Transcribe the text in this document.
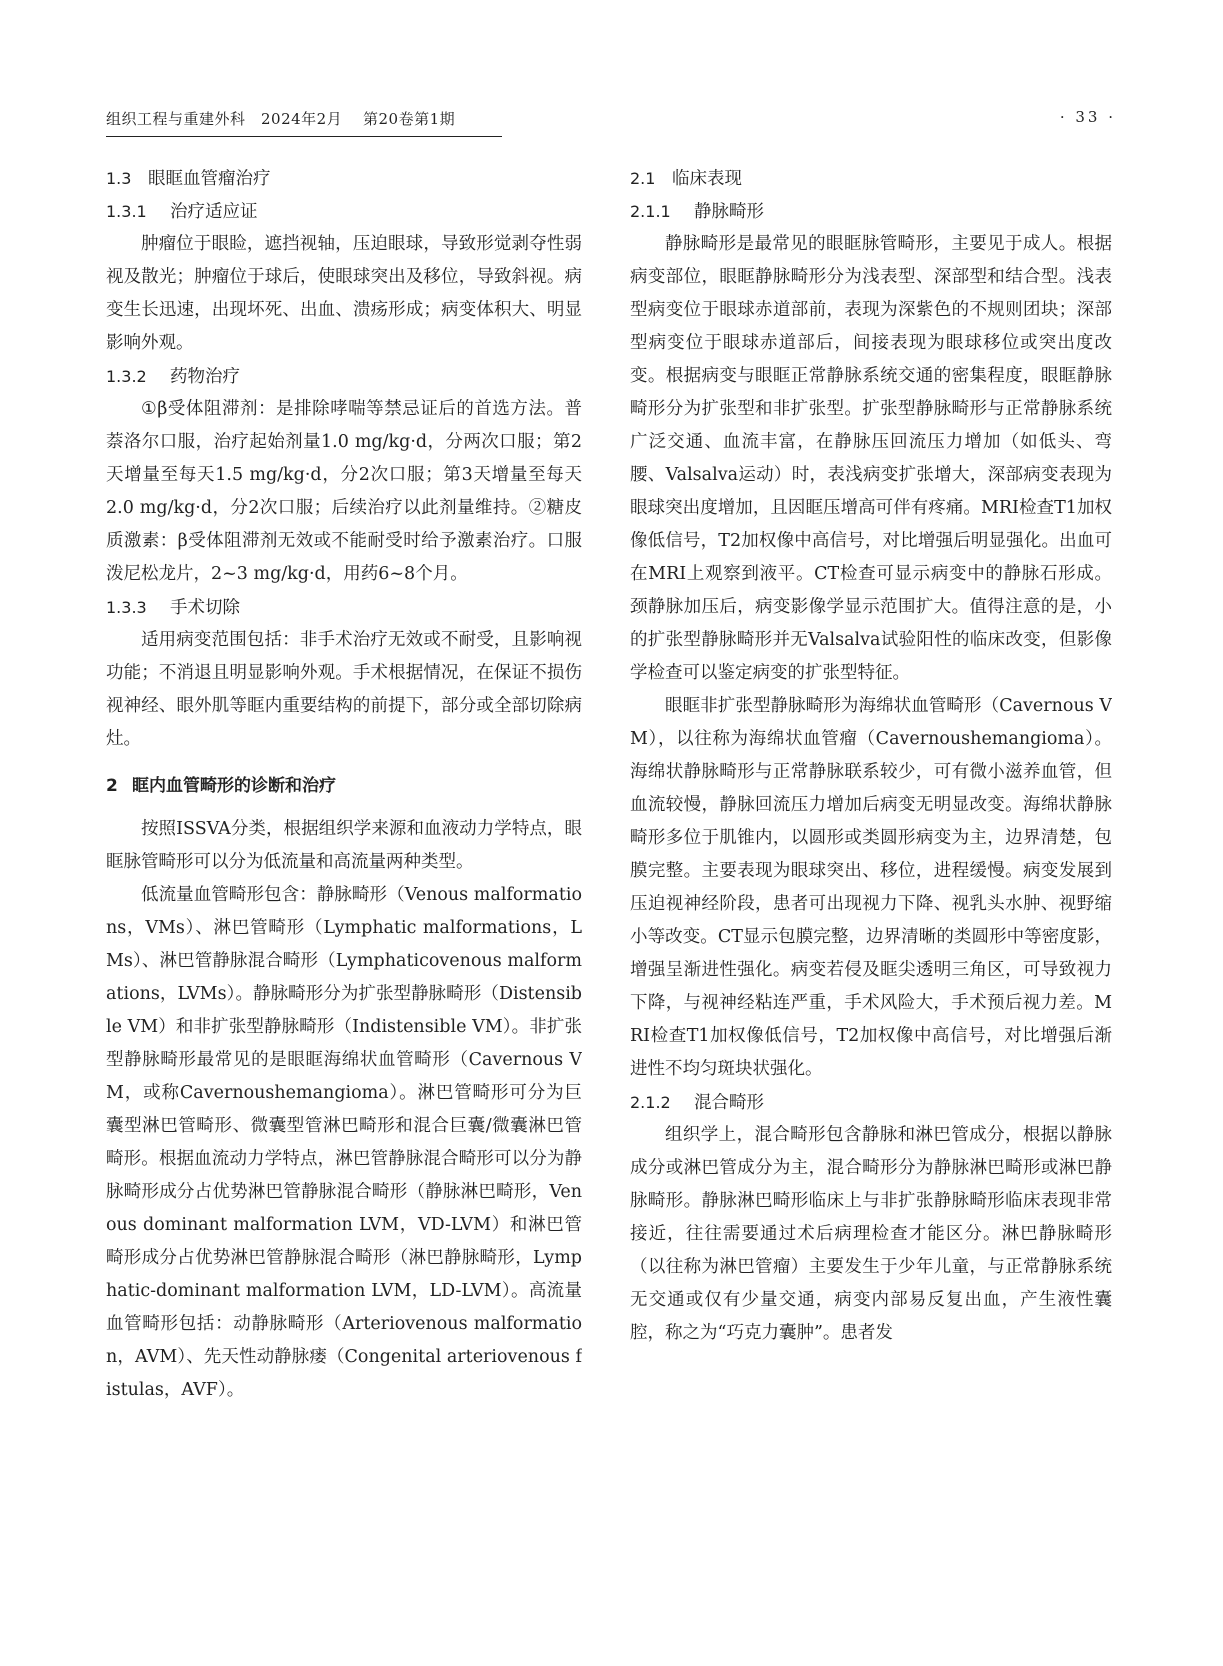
组织工程与重建外科　2024年2月　 第20卷第1期	· 33 ·
1.3 眼眶血管瘤治疗
1.3.1 治疗适应证

肿瘤位于眼睑，遮挡视轴，压迫眼球，导致形觉剥夺性弱视及散光；肿瘤位于球后，使眼球突出及移位，导致斜视。病变生长迅速，出现坏死、出血、溃疡形成；病变体积大、明显影响外观。

1.3.2 药物治疗

①β受体阻滞剂：是排除哮喘等禁忌证后的首选方法。普萘洛尔口服，治疗起始剂量1.0 mg/kg·d，分两次口服；第2天增量至每天1.5 mg/kg·d，分2次口服；第3天增量至每天2.0 mg/kg·d，分2次口服；后续治疗以此剂量维持。②糖皮质激素：β受体阻滞剂无效或不能耐受时给予激素治疗。口服泼尼松龙片，2~3 mg/kg·d，用药6~8个月。

1.3.3 手术切除

适用病变范围包括：非手术治疗无效或不耐受，且影响视功能；不消退且明显影响外观。手术根据情况，在保证不损伤视神经、眼外肌等眶内重要结构的前提下，部分或全部切除病灶。

2 眶内血管畸形的诊断和治疗

按照ISSVA分类，根据组织学来源和血液动力学特点，眼眶脉管畸形可以分为低流量和高流量两种类型。

低流量血管畸形包含：静脉畸形（Venous malformations，VMs）、淋巴管畸形（Lymphatic malformations，LMs）、淋巴管静脉混合畸形（Lymphaticovenous malformations，LVMs）。静脉畸形分为扩张型静脉畸形（Distensible VM）和非扩张型静脉畸形（Indistensible VM）。非扩张型静脉畸形最常见的是眼眶海绵状血管畸形（Cavernous VM，或称Cavernoushemangioma）。淋巴管畸形可分为巨囊型淋巴管畸形、微囊型管淋巴畸形和混合巨囊/微囊淋巴管畸形。根据血流动力学特点，淋巴管静脉混合畸形可以分为静脉畸形成分占优势淋巴管静脉混合畸形（静脉淋巴畸形，Venous dominant malformation LVM，VD-LVM）和淋巴管畸形成分占优势淋巴管静脉混合畸形（淋巴静脉畸形，Lymphatic-dominant malformation LVM，LD-LVM）。高流量血管畸形包括：动静脉畸形（Arteriovenous malformation，AVM）、先天性动静脉瘘（Congenital arteriovenous fistulas，AVF）。

2.1 临床表现
2.1.1 静脉畸形

静脉畸形是最常见的眼眶脉管畸形，主要见于成人。根据病变部位，眼眶静脉畸形分为浅表型、深部型和结合型。浅表型病变位于眼球赤道部前，表现为深紫色的不规则团块；深部型病变位于眼球赤道部后，间接表现为眼球移位或突出度改变。根据病变与眼眶正常静脉系统交通的密集程度，眼眶静脉畸形分为扩张型和非扩张型。扩张型静脉畸形与正常静脉系统广泛交通、血流丰富，在静脉压回流压力增加（如低头、弯腰、Valsalva运动）时，表浅病变扩张增大，深部病变表现为眼球突出度增加，且因眶压增高可伴有疼痛。MRI检查T1加权像低信号，T2加权像中高信号，对比增强后明显强化。出血可在MRI上观察到液平。CT检查可显示病变中的静脉石形成。颈静脉加压后，病变影像学显示范围扩大。值得注意的是，小的扩张型静脉畸形并无Valsalva试验阳性的临床改变，但影像学检查可以鉴定病变的扩张型特征。

眼眶非扩张型静脉畸形为海绵状血管畸形（Cavernous VM），以往称为海绵状血管瘤（Cavernoushemangioma）。海绵状静脉畸形与正常静脉联系较少，可有微小滋养血管，但血流较慢，静脉回流压力增加后病变无明显改变。海绵状静脉畸形多位于肌锥内，以圆形或类圆形病变为主，边界清楚，包膜完整。主要表现为眼球突出、移位，进程缓慢。病变发展到压迫视神经阶段，患者可出现视力下降、视乳头水肿、视野缩小等改变。CT显示包膜完整，边界清晰的类圆形中等密度影，增强呈渐进性强化。病变若侵及眶尖透明三角区，可导致视力下降，与视神经粘连严重，手术风险大，手术预后视力差。MRI检查T1加权像低信号，T2加权像中高信号，对比增强后渐进性不均匀斑块状强化。

2.1.2 混合畸形

组织学上，混合畸形包含静脉和淋巴管成分，根据以静脉成分或淋巴管成分为主，混合畸形分为静脉淋巴畸形或淋巴静脉畸形。静脉淋巴畸形临床上与非扩张静脉畸形临床表现非常接近，往往需要通过术后病理检查才能区分。淋巴静脉畸形（以往称为淋巴管瘤）主要发生于少年儿童，与正常静脉系统无交通或仅有少量交通，病变内部易反复出血，产生液性囊腔，称之为“巧克力囊肿”。患者发
